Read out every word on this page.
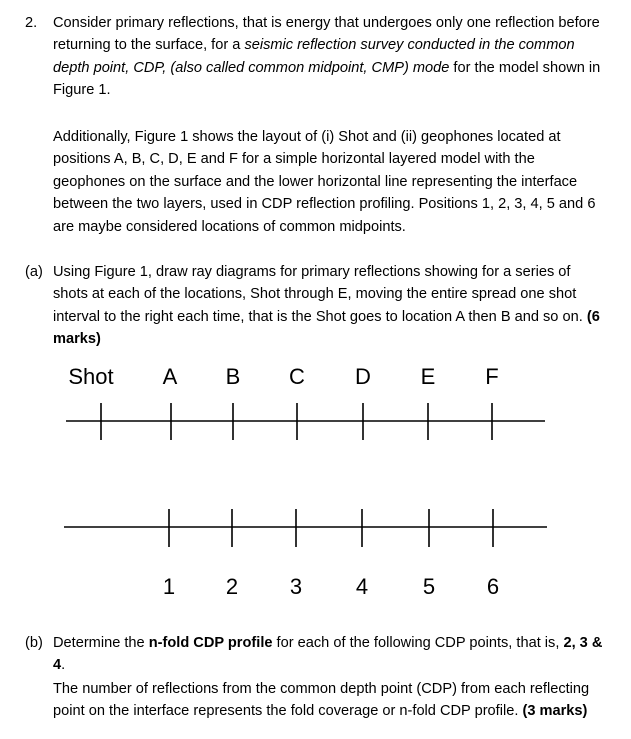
2. Consider primary reflections, that is energy that undergoes only one reflection before returning to the surface, for a seismic reflection survey conducted in the common depth point, CDP, (also called common midpoint, CMP) mode for the model shown in Figure 1.
Additionally, Figure 1 shows the layout of (i) Shot and (ii) geophones located at positions A, B, C, D, E and F for a simple horizontal layered model with the geophones on the surface and the lower horizontal line representing the interface between the two layers, used in CDP reflection profiling. Positions 1, 2, 3, 4, 5 and 6 are maybe considered locations of common midpoints.
(a) Using Figure 1, draw ray diagrams for primary reflections showing for a series of shots at each of the locations, Shot through E, moving the entire spread one shot interval to the right each time, that is the Shot goes to location A then B and so on. (6 marks)
Shot	A	B	C	D	E	F
1	2	3	4	5	6
(b) Determine the n-fold CDP profile for each of the following CDP points, that is, 2, 3 & 4.
The number of reflections from the common depth point (CDP) from each reflecting point on the interface represents the fold coverage or n-fold CDP profile. (3 marks)
